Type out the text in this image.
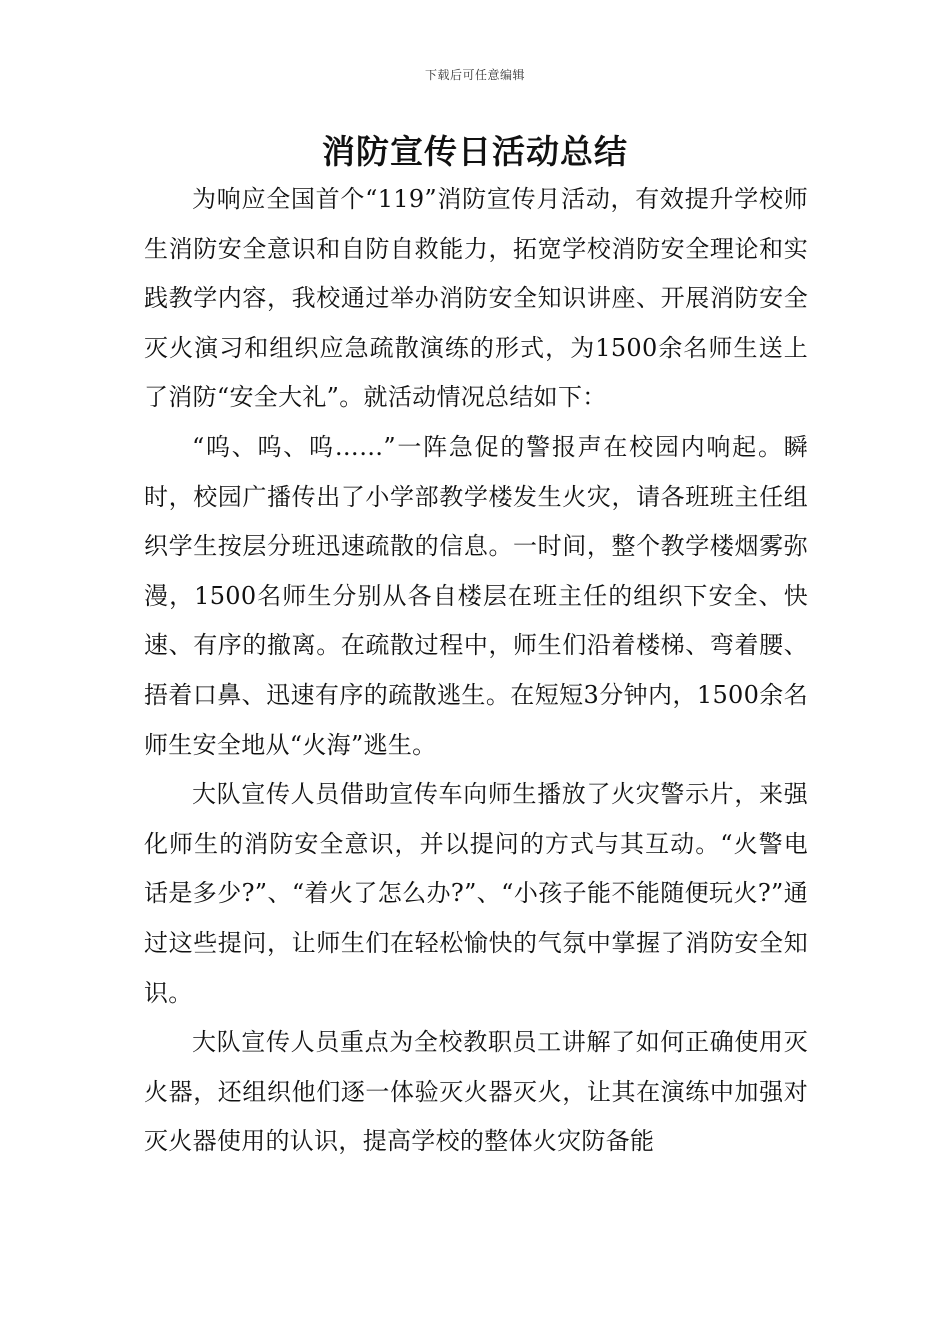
下载后可任意编辑
消防宣传日活动总结

为响应全国首个“119”消防宣传月活动，有效提升学校师生消防安全意识和自防自救能力，拓宽学校消防安全理论和实践教学内容，我校通过举办消防安全知识讲座、开展消防安全灭火演习和组织应急疏散演练的形式，为1500余名师生送上了消防“安全大礼”。就活动情况总结如下：

“呜、呜、呜……”一阵急促的警报声在校园内响起。瞬时，校园广播传出了小学部教学楼发生火灾，请各班班主任组织学生按层分班迅速疏散的信息。一时间，整个教学楼烟雾弥漫，1500名师生分别从各自楼层在班主任的组织下安全、快速、有序的撤离。在疏散过程中，师生们沿着楼梯、弯着腰、捂着口鼻、迅速有序的疏散逃生。在短短3分钟内，1500余名师生安全地从“火海”逃生。

大队宣传人员借助宣传车向师生播放了火灾警示片，来强化师生的消防安全意识，并以提问的方式与其互动。“火警电话是多少?”、“着火了怎么办?”、“小孩子能不能随便玩火?”通过这些提问，让师生们在轻松愉快的气氛中掌握了消防安全知识。

大队宣传人员重点为全校教职员工讲解了如何正确使用灭火器，还组织他们逐一体验灭火器灭火，让其在演练中加强对灭火器使用的认识，提高学校的整体火灾防备能
